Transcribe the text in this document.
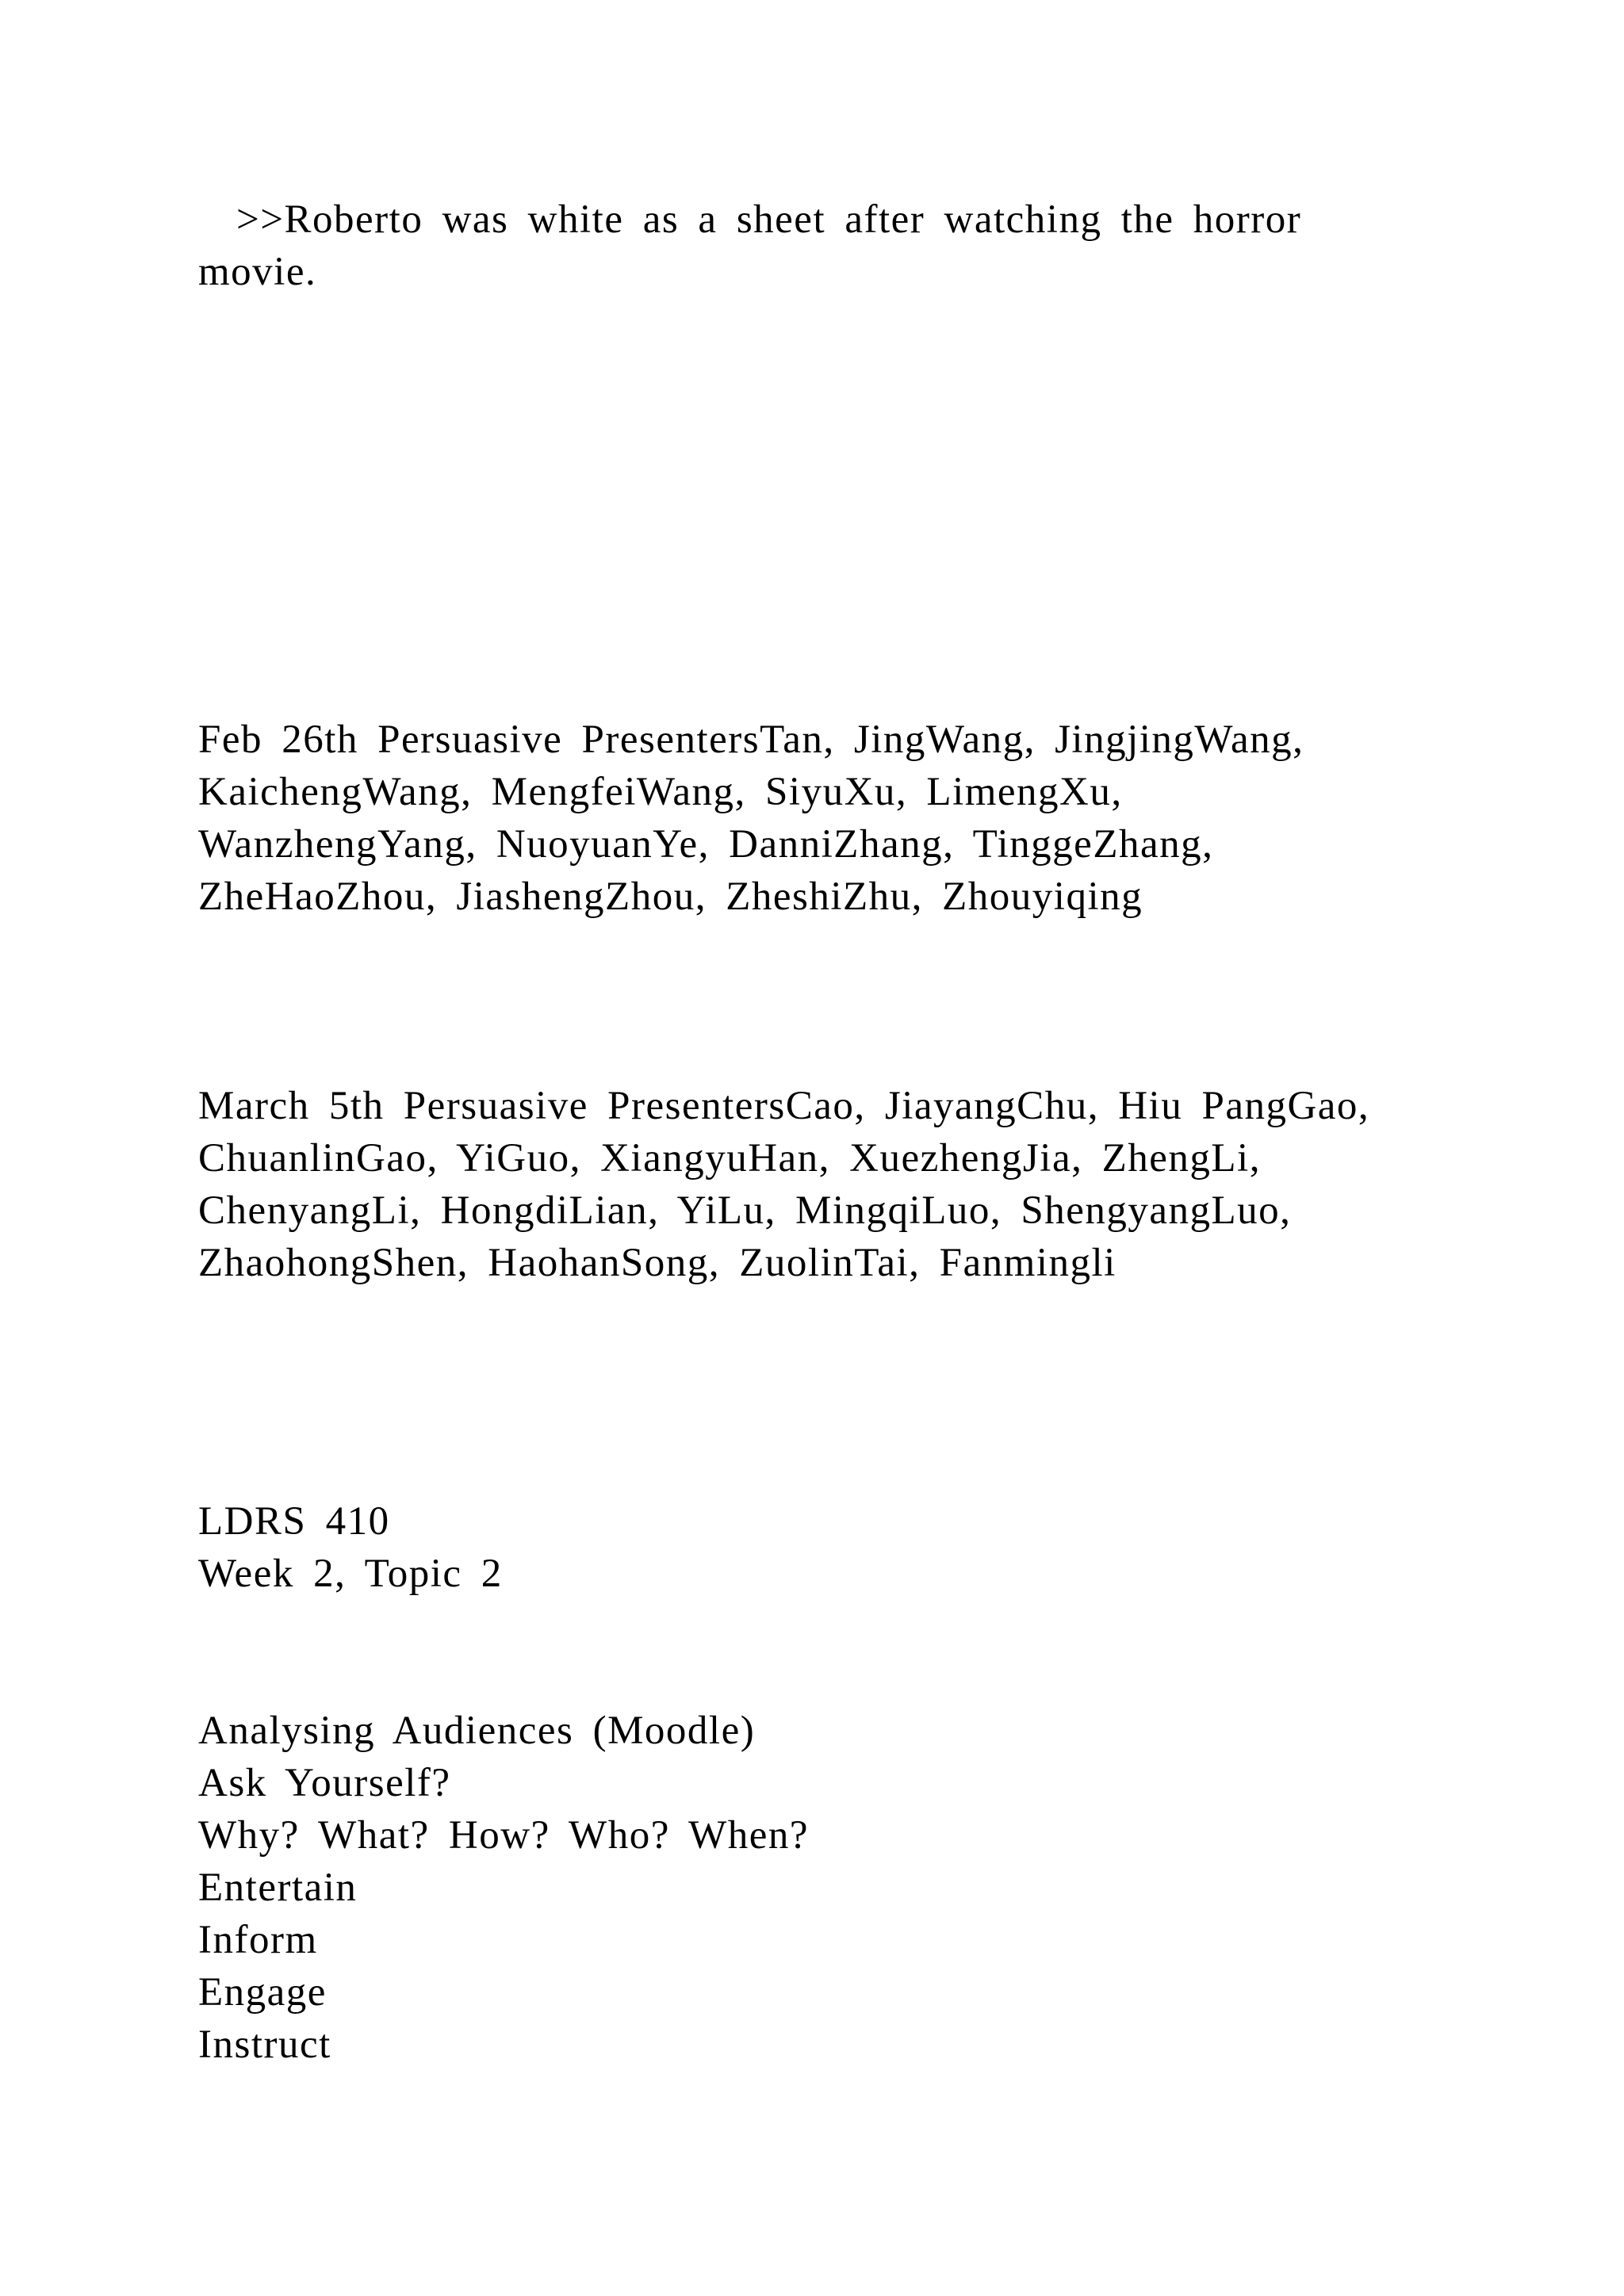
>>Roberto was white as a sheet after watching the horror
movie.
Feb 26th Persuasive PresentersTan, JingWang, JingjingWang,
KaichengWang, MengfeiWang, SiyuXu, LimengXu,
WanzhengYang, NuoyuanYe, DanniZhang, TinggeZhang,
ZheHaoZhou, JiashengZhou, ZheshiZhu, Zhouyiqing
March 5th Persuasive PresentersCao, JiayangChu, Hiu PangGao,
ChuanlinGao, YiGuo, XiangyuHan, XuezhengJia, ZhengLi,
ChenyangLi, HongdiLian, YiLu, MingqiLuo, ShengyangLuo,
ZhaohongShen, HaohanSong, ZuolinTai, Fanmingli
LDRS 410
Week 2, Topic 2
Analysing Audiences (Moodle)
Ask Yourself?
Why? What? How? Who? When?
Entertain
Inform
Engage
Instruct
